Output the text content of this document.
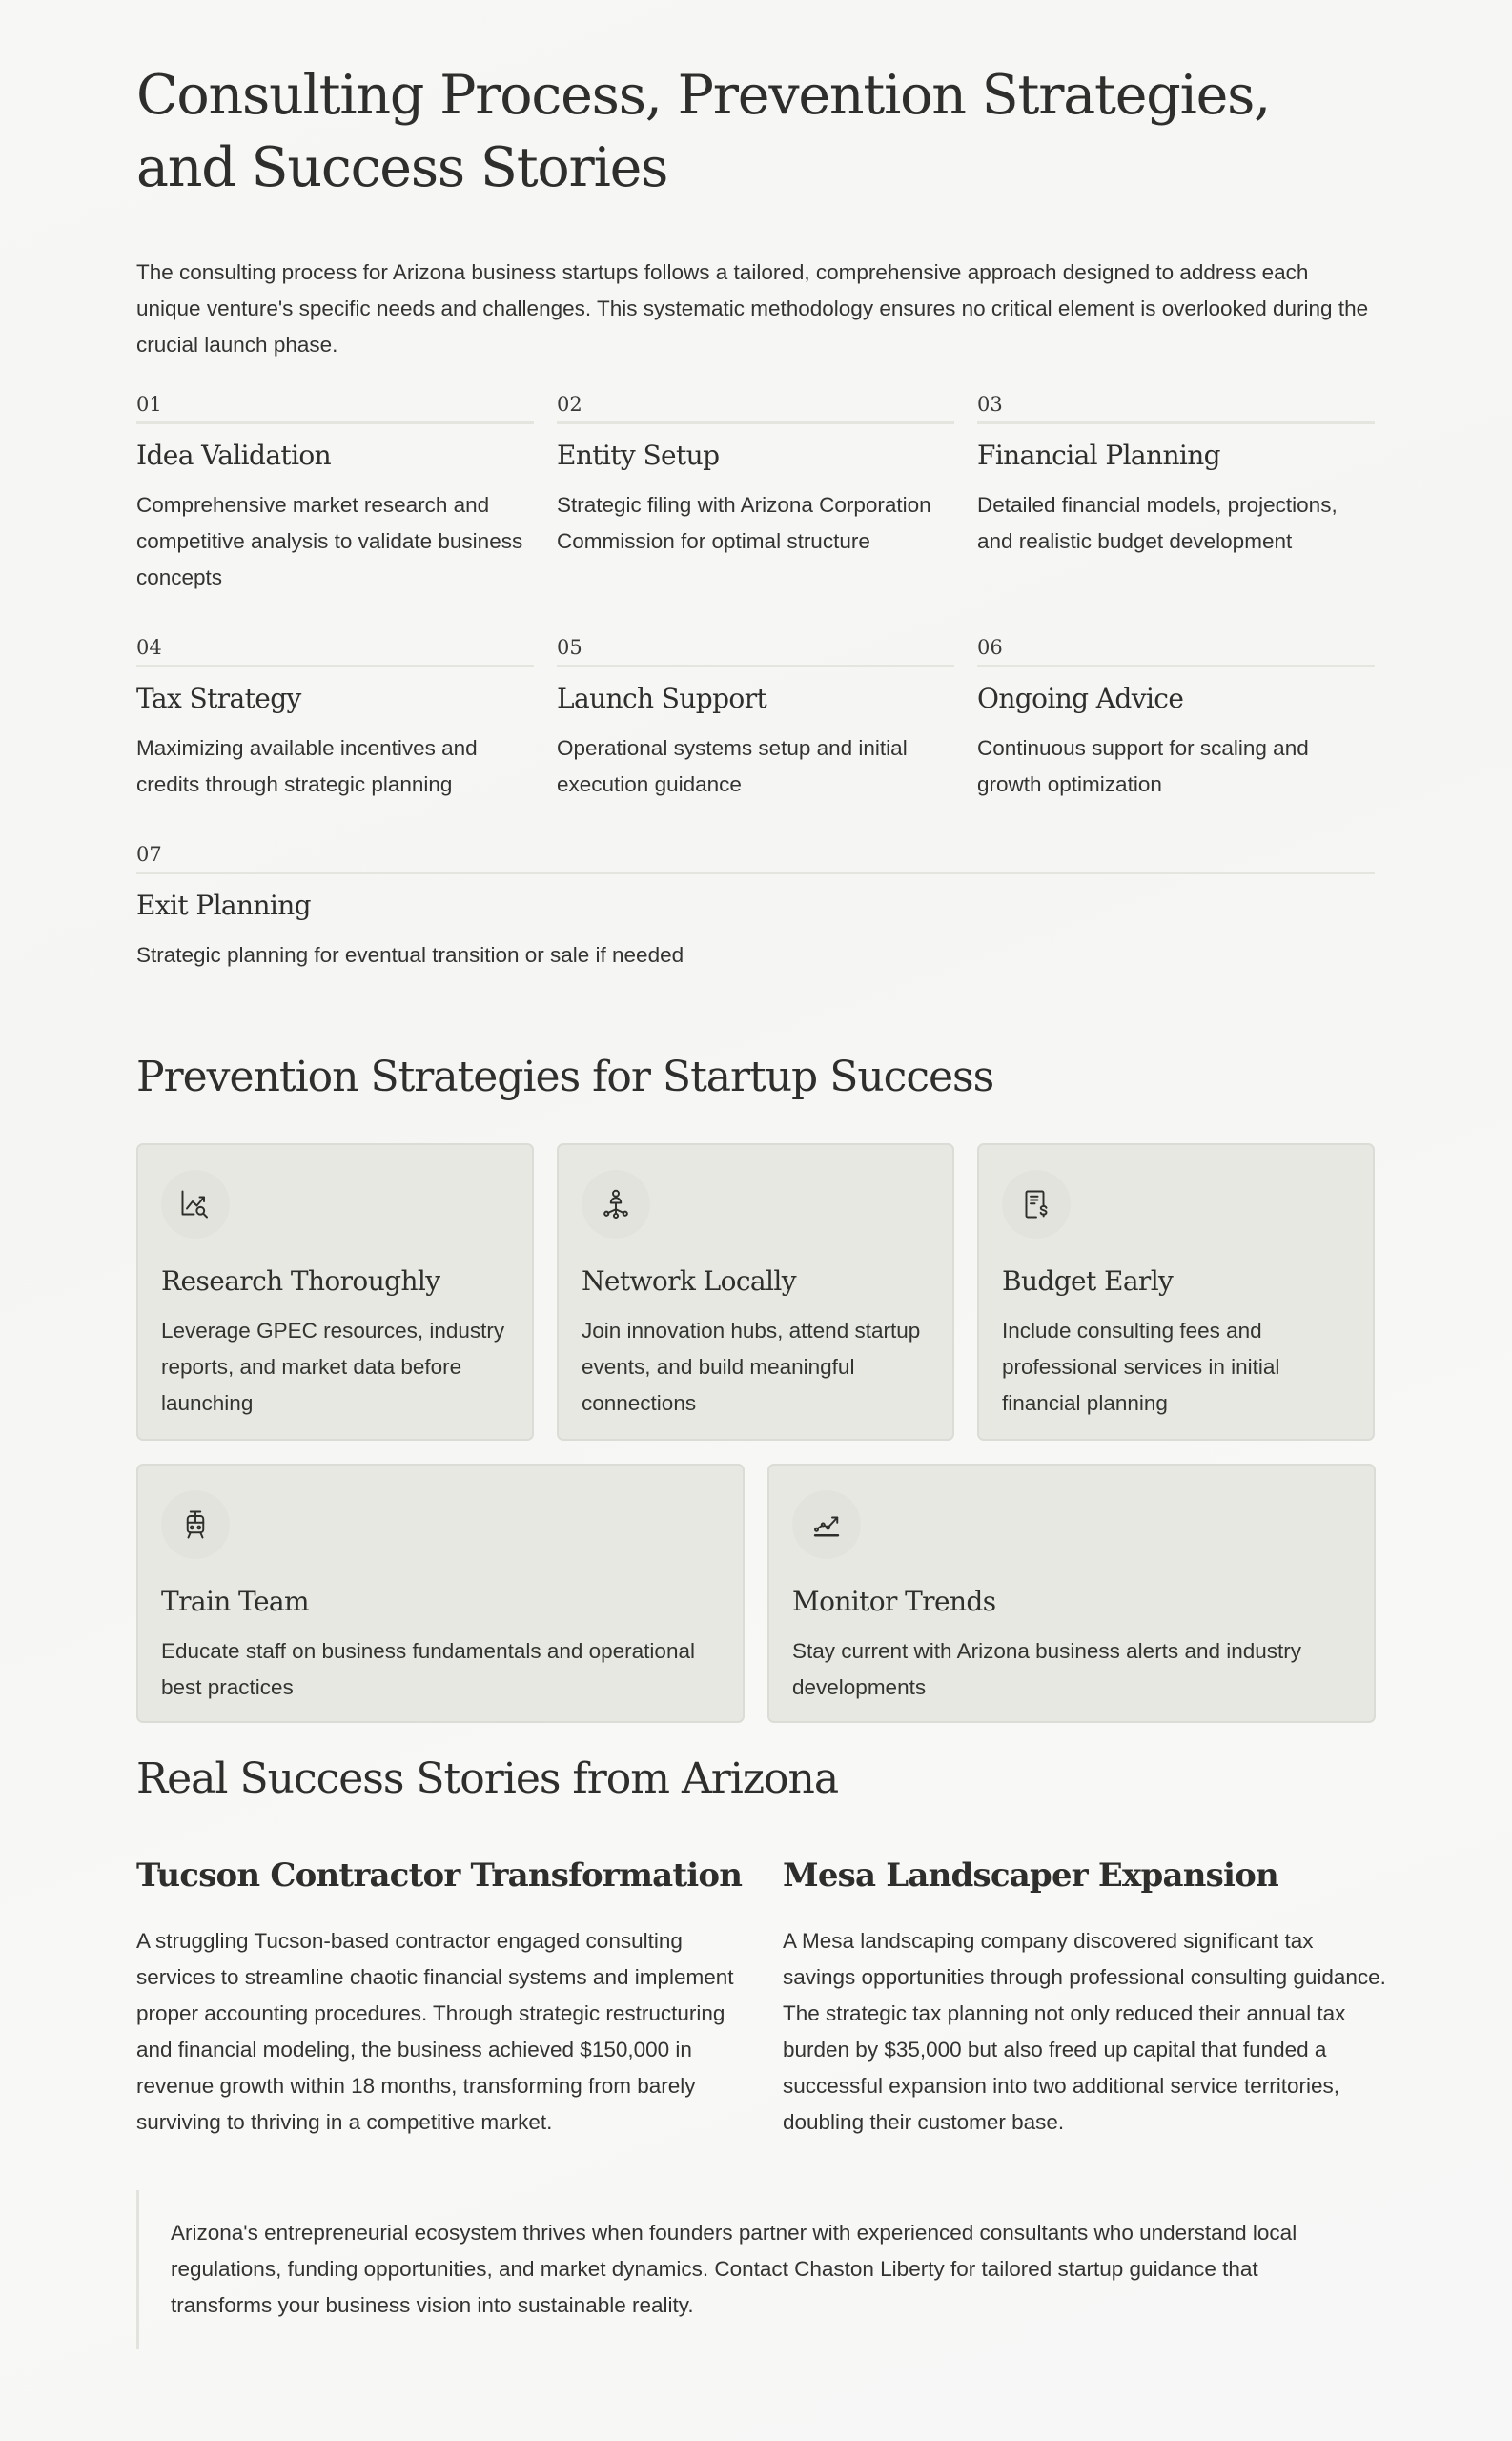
Consulting Process, Prevention Strategies, and Success Stories

The consulting process for Arizona business startups follows a tailored, comprehensive approach designed to address each unique venture's specific needs and challenges. This systematic methodology ensures no critical element is overlooked during the crucial launch phase.

01
Idea Validation
Comprehensive market research and competitive analysis to validate business concepts
02
Entity Setup
Strategic filing with Arizona Corporation Commission for optimal structure
03
Financial Planning
Detailed financial models, projections, and realistic budget development
04
Tax Strategy
Maximizing available incentives and credits through strategic planning
05
Launch Support
Operational systems setup and initial execution guidance
06
Ongoing Advice
Continuous support for scaling and growth optimization
07
Exit Planning
Strategic planning for eventual transition or sale if needed
Prevention Strategies for Startup Success
Research Thoroughly
Leverage GPEC resources, industry reports, and market data before launching
Network Locally
Join innovation hubs, attend startup events, and build meaningful connections
Budget Early
Include consulting fees and professional services in initial financial planning
Train Team
Educate staff on business fundamentals and operational best practices
Monitor Trends
Stay current with Arizona business alerts and industry developments
Real Success Stories from Arizona
Tucson Contractor Transformation

A struggling Tucson-based contractor engaged consulting services to streamline chaotic financial systems and implement proper accounting procedures. Through strategic restructuring and financial modeling, the business achieved $150,000 in revenue growth within 18 months, transforming from barely surviving to thriving in a competitive market.

Mesa Landscaper Expansion

A Mesa landscaping company discovered significant tax savings opportunities through professional consulting guidance. The strategic tax planning not only reduced their annual tax burden by $35,000 but also freed up capital that funded a successful expansion into two additional service territories, doubling their customer base.

Arizona's entrepreneurial ecosystem thrives when founders partner with experienced consultants who understand local regulations, funding opportunities, and market dynamics. Contact Chaston Liberty for tailored startup guidance that transforms your business vision into sustainable reality.
